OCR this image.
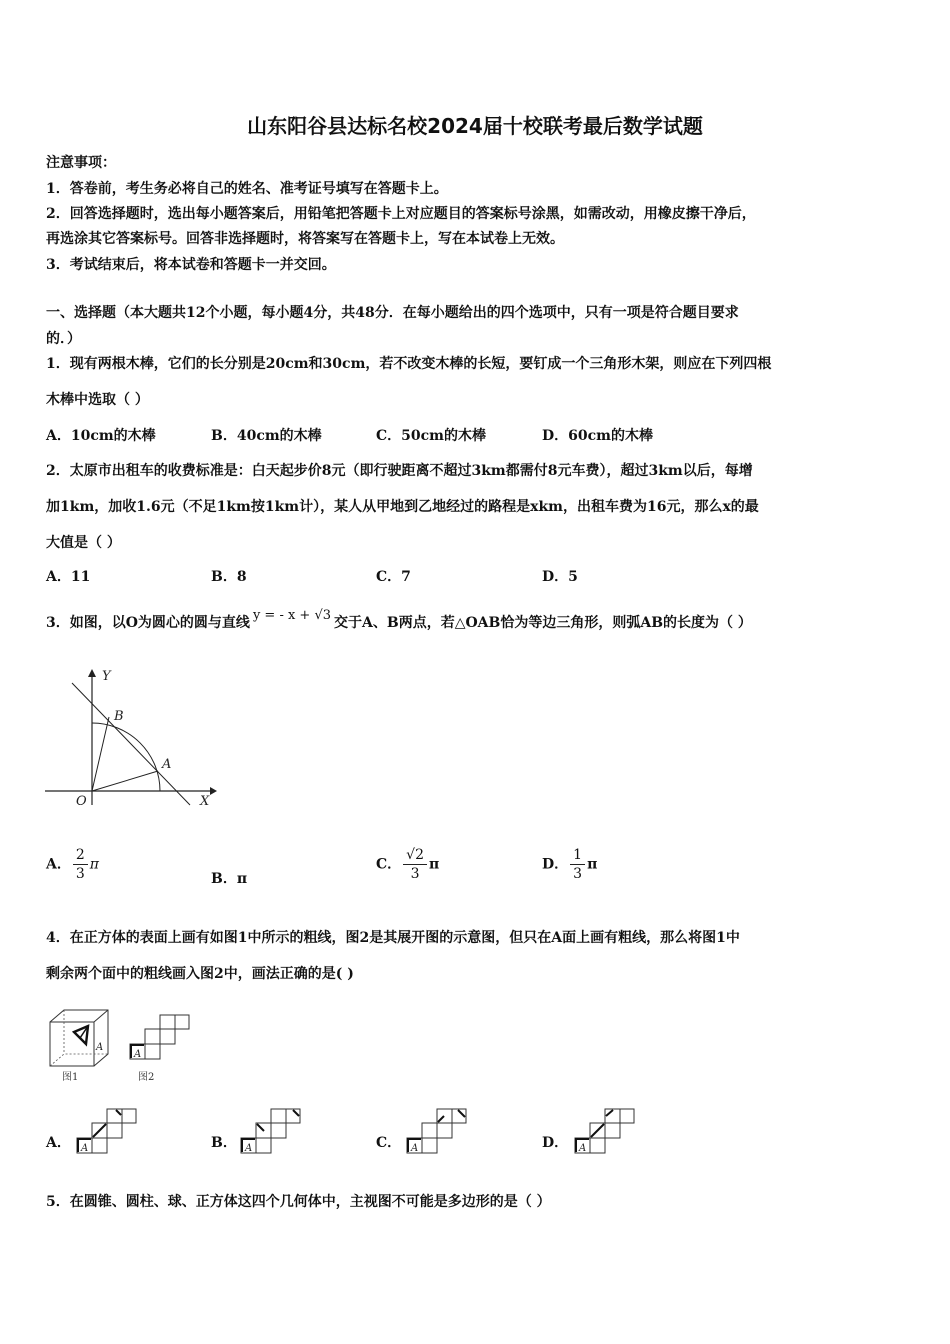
山东阳谷县达标名校2024届十校联考最后数学试题
注意事项：
1．答卷前，考生务必将自己的姓名、准考证号填写在答题卡上。
2．回答选择题时，选出每小题答案后，用铅笔把答题卡上对应题目的答案标号涂黑，如需改动，用橡皮擦干净后，
再选涂其它答案标号。回答非选择题时，将答案写在答题卡上，写在本试卷上无效。
3．考试结束后，将本试卷和答题卡一并交回。
一、选择题（本大题共12个小题，每小题4分，共48分．在每小题给出的四个选项中，只有一项是符合题目要求
的．）
1．现有两根木棒，它们的长分别是20cm和30cm，若不改变木棒的长短，要钉成一个三角形木架，则应在下列四根
木棒中选取（ ）
A．10cm的木棒	B．40cm的木棒	C．50cm的木棒	D．60cm的木棒
2．太原市出租车的收费标准是：白天起步价8元（即行驶距离不超过3km都需付8元车费），超过3km以后，每增
加1km，加收1.6元（不足1km按1km计），某人从甲地到乙地经过的路程是xkm，出租车费为16元，那么x的最
大值是（ ）
A．11	B．8	C．7	D．5
3．如图，以O为圆心的圆与直线 y = - x + √3 交于A、B两点，若△OAB恰为等边三角形，则弧AB的长度为（ ）
Y
X
O
A
B
A． $\frac{2}{3}$ π
B．π
C． $\frac{√2}{3}$ π	D． $\frac{1}{3}$ π
4．在正方体的表面上画有如图1中所示的粗线，图2是其展开图的示意图，但只在A面上画有粗线，那么将图1中
剩余两个面中的粗线画入图2中，画法正确的是( )
A
图1
A
图2
A． A	B． A	C． A	D． A
5．在圆锥、圆柱、球、正方体这四个几何体中，主视图不可能是多边形的是（ ）
